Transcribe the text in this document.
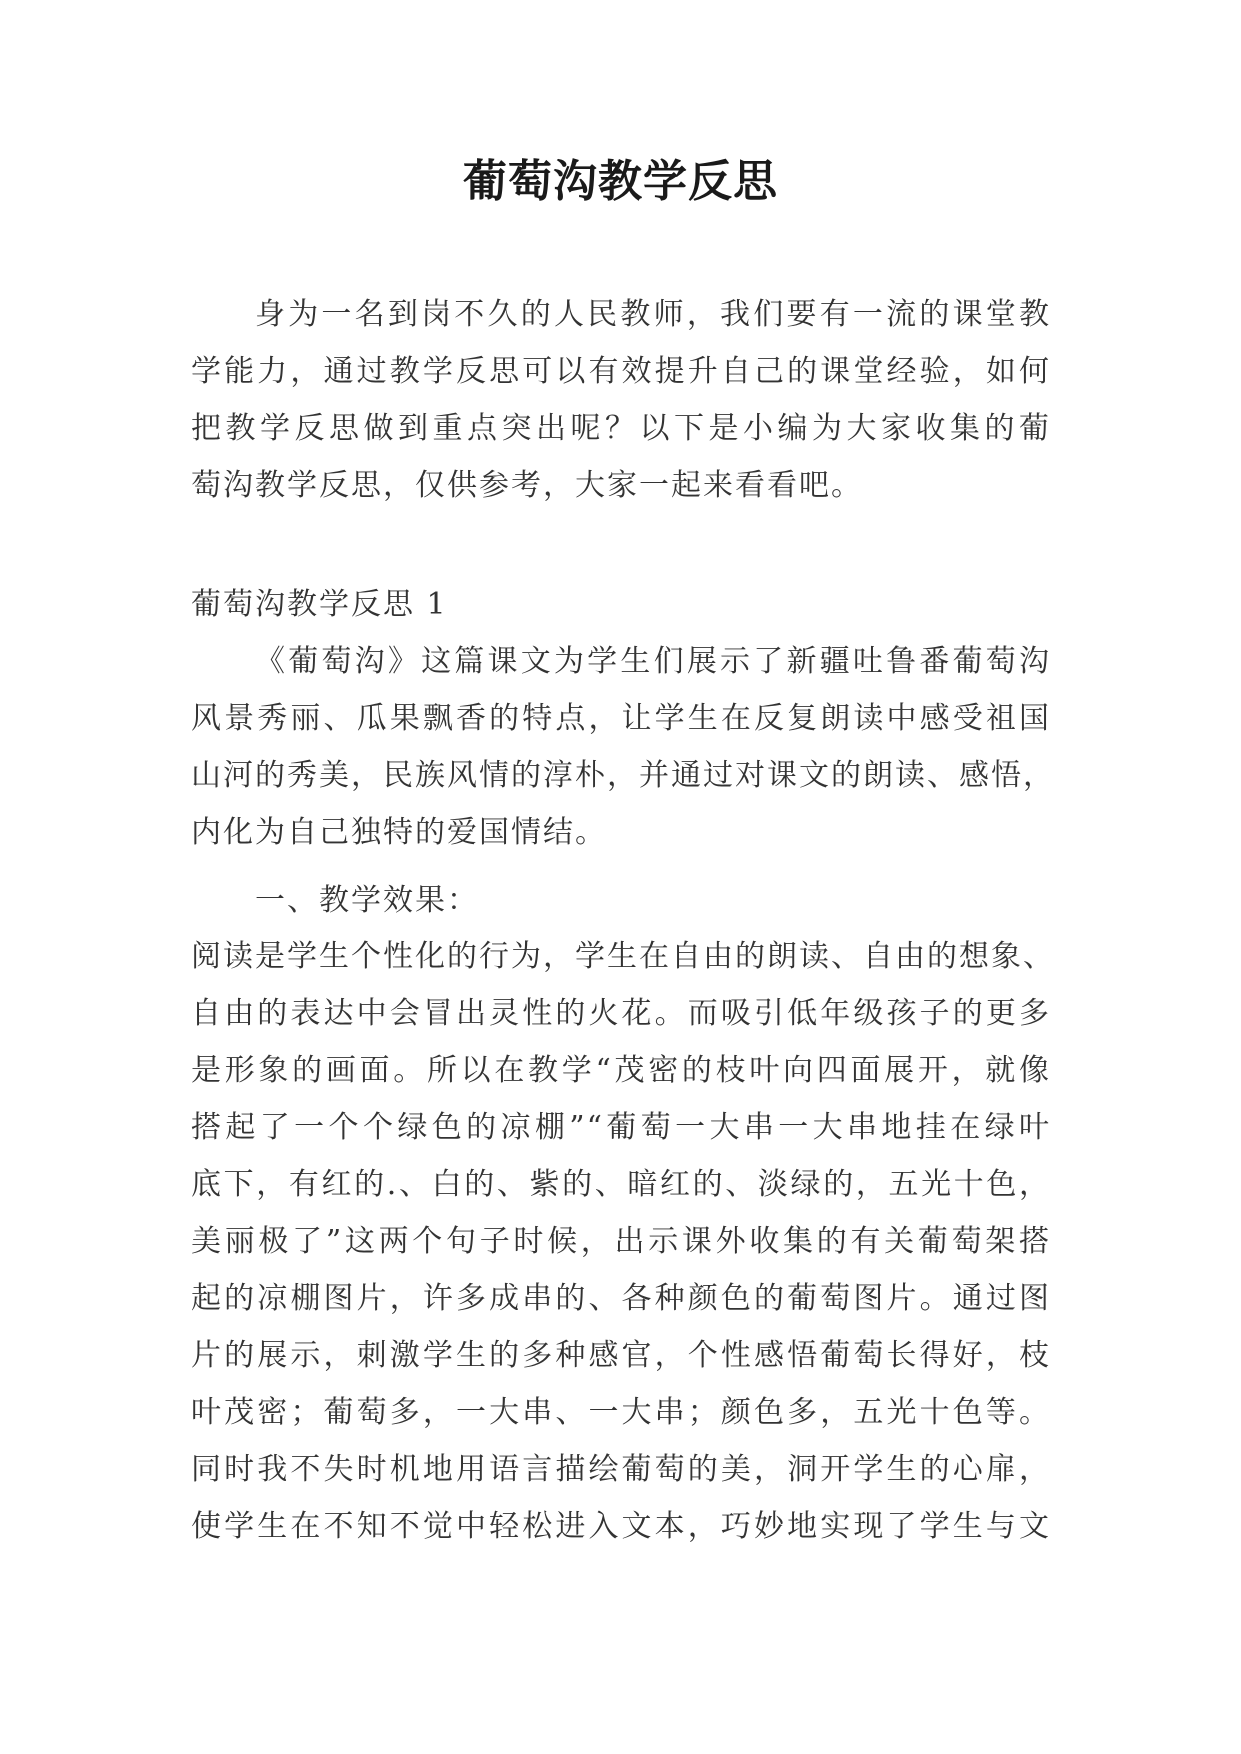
葡萄沟教学反思
身为一名到岗不久的人民教师，我们要有一流的课堂教
学能力，通过教学反思可以有效提升自己的课堂经验，如何
把教学反思做到重点突出呢？以下是小编为大家收集的葡
萄沟教学反思，仅供参考，大家一起来看看吧。
葡萄沟教学反思 1
《葡萄沟》这篇课文为学生们展示了新疆吐鲁番葡萄沟
风景秀丽、瓜果飘香的特点，让学生在反复朗读中感受祖国
山河的秀美，民族风情的淳朴，并通过对课文的朗读、感悟，
内化为自己独特的爱国情结。
一、教学效果：
阅读是学生个性化的行为，学生在自由的朗读、自由的想象、
自由的表达中会冒出灵性的火花。而吸引低年级孩子的更多
是形象的画面。所以在教学“茂密的枝叶向四面展开，就像
搭起了一个个绿色的凉棚”“葡萄一大串一大串地挂在绿叶
底下，有红的.、白的、紫的、暗红的、淡绿的，五光十色，
美丽极了”这两个句子时候，出示课外收集的有关葡萄架搭
起的凉棚图片，许多成串的、各种颜色的葡萄图片。通过图
片的展示，刺激学生的多种感官，个性感悟葡萄长得好，枝
叶茂密；葡萄多，一大串、一大串；颜色多，五光十色等。
同时我不失时机地用语言描绘葡萄的美，洞开学生的心扉，
使学生在不知不觉中轻松进入文本，巧妙地实现了学生与文
